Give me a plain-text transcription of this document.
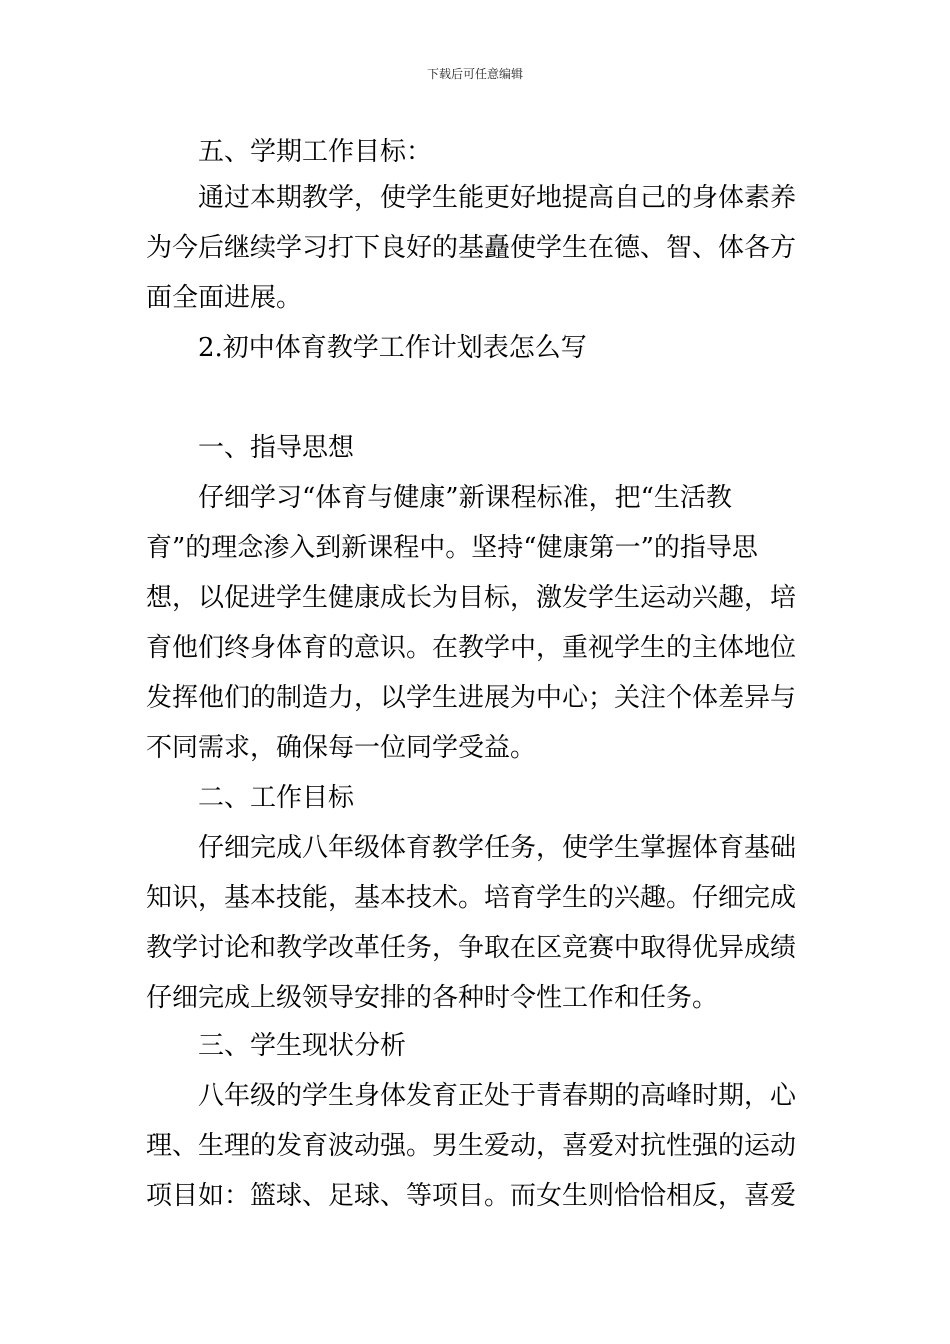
下载后可任意编辑
五、学期工作目标：
通过本期教学，使学生能更好地提高自己的身体素养
为今后继续学习打下良好的基矗使学生在德、智、体各方
面全面进展。
2.初中体育教学工作计划表怎么写
一、指导思想
仔细学习“体育与健康”新课程标准，把“生活教
育”的理念渗入到新课程中。坚持“健康第一”的指导思
想，以促进学生健康成长为目标，激发学生运动兴趣，培
育他们终身体育的意识。在教学中，重视学生的主体地位
发挥他们的制造力，以学生进展为中心；关注个体差异与
不同需求，确保每一位同学受益。
二、工作目标
仔细完成八年级体育教学任务，使学生掌握体育基础
知识，基本技能，基本技术。培育学生的兴趣。仔细完成
教学讨论和教学改革任务，争取在区竞赛中取得优异成绩
仔细完成上级领导安排的各种时令性工作和任务。
三、学生现状分析
八年级的学生身体发育正处于青春期的高峰时期，心
理、生理的发育波动强。男生爱动，喜爱对抗性强的运动
项目如：篮球、足球、等项目。而女生则恰恰相反，喜爱
